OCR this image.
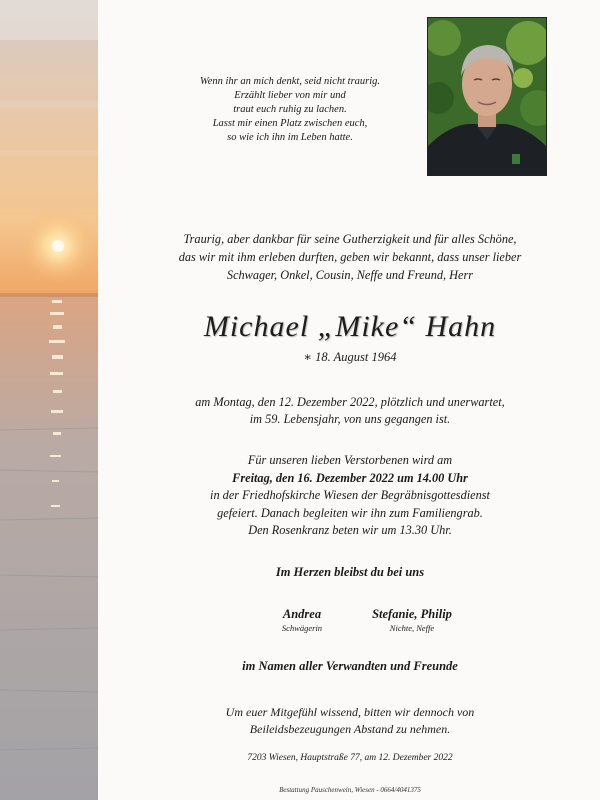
Wenn ihr an mich denkt, seid nicht traurig.
Erzählt lieber von mir und
traut euch ruhig zu lachen.
Lasst mir einen Platz zwischen euch,
so wie ich ihn im Leben hatte.
Traurig, aber dankbar für seine Gutherzigkeit und für alles Schöne,
das wir mit ihm erleben durften, geben wir bekannt, dass unser lieber
Schwager, Onkel, Cousin, Neffe und Freund, Herr
Michael „Mike“ Hahn
∗ 18. August 1964
am Montag, den 12. Dezember 2022, plötzlich und unerwartet,
im 59. Lebensjahr, von uns gegangen ist.
Für unseren lieben Verstorbenen wird am
Freitag, den 16. Dezember 2022 um 14.00 Uhr
in der Friedhofskirche Wiesen der Begräbnisgottesdienst
gefeiert. Danach begleiten wir ihn zum Familiengrab.
Den Rosenkranz beten wir um 13.30 Uhr.
Im Herzen bleibst du bei uns
Andrea
Schwägerin
Stefanie, Philip
Nichte, Neffe
im Namen aller Verwandten und Freunde
Um euer Mitgefühl wissend, bitten wir dennoch von
Beileidsbezeugungen Abstand zu nehmen.
7203 Wiesen, Hauptstraße 77, am 12. Dezember 2022
Bestattung Pauschenwein, Wiesen - 0664/4041375
